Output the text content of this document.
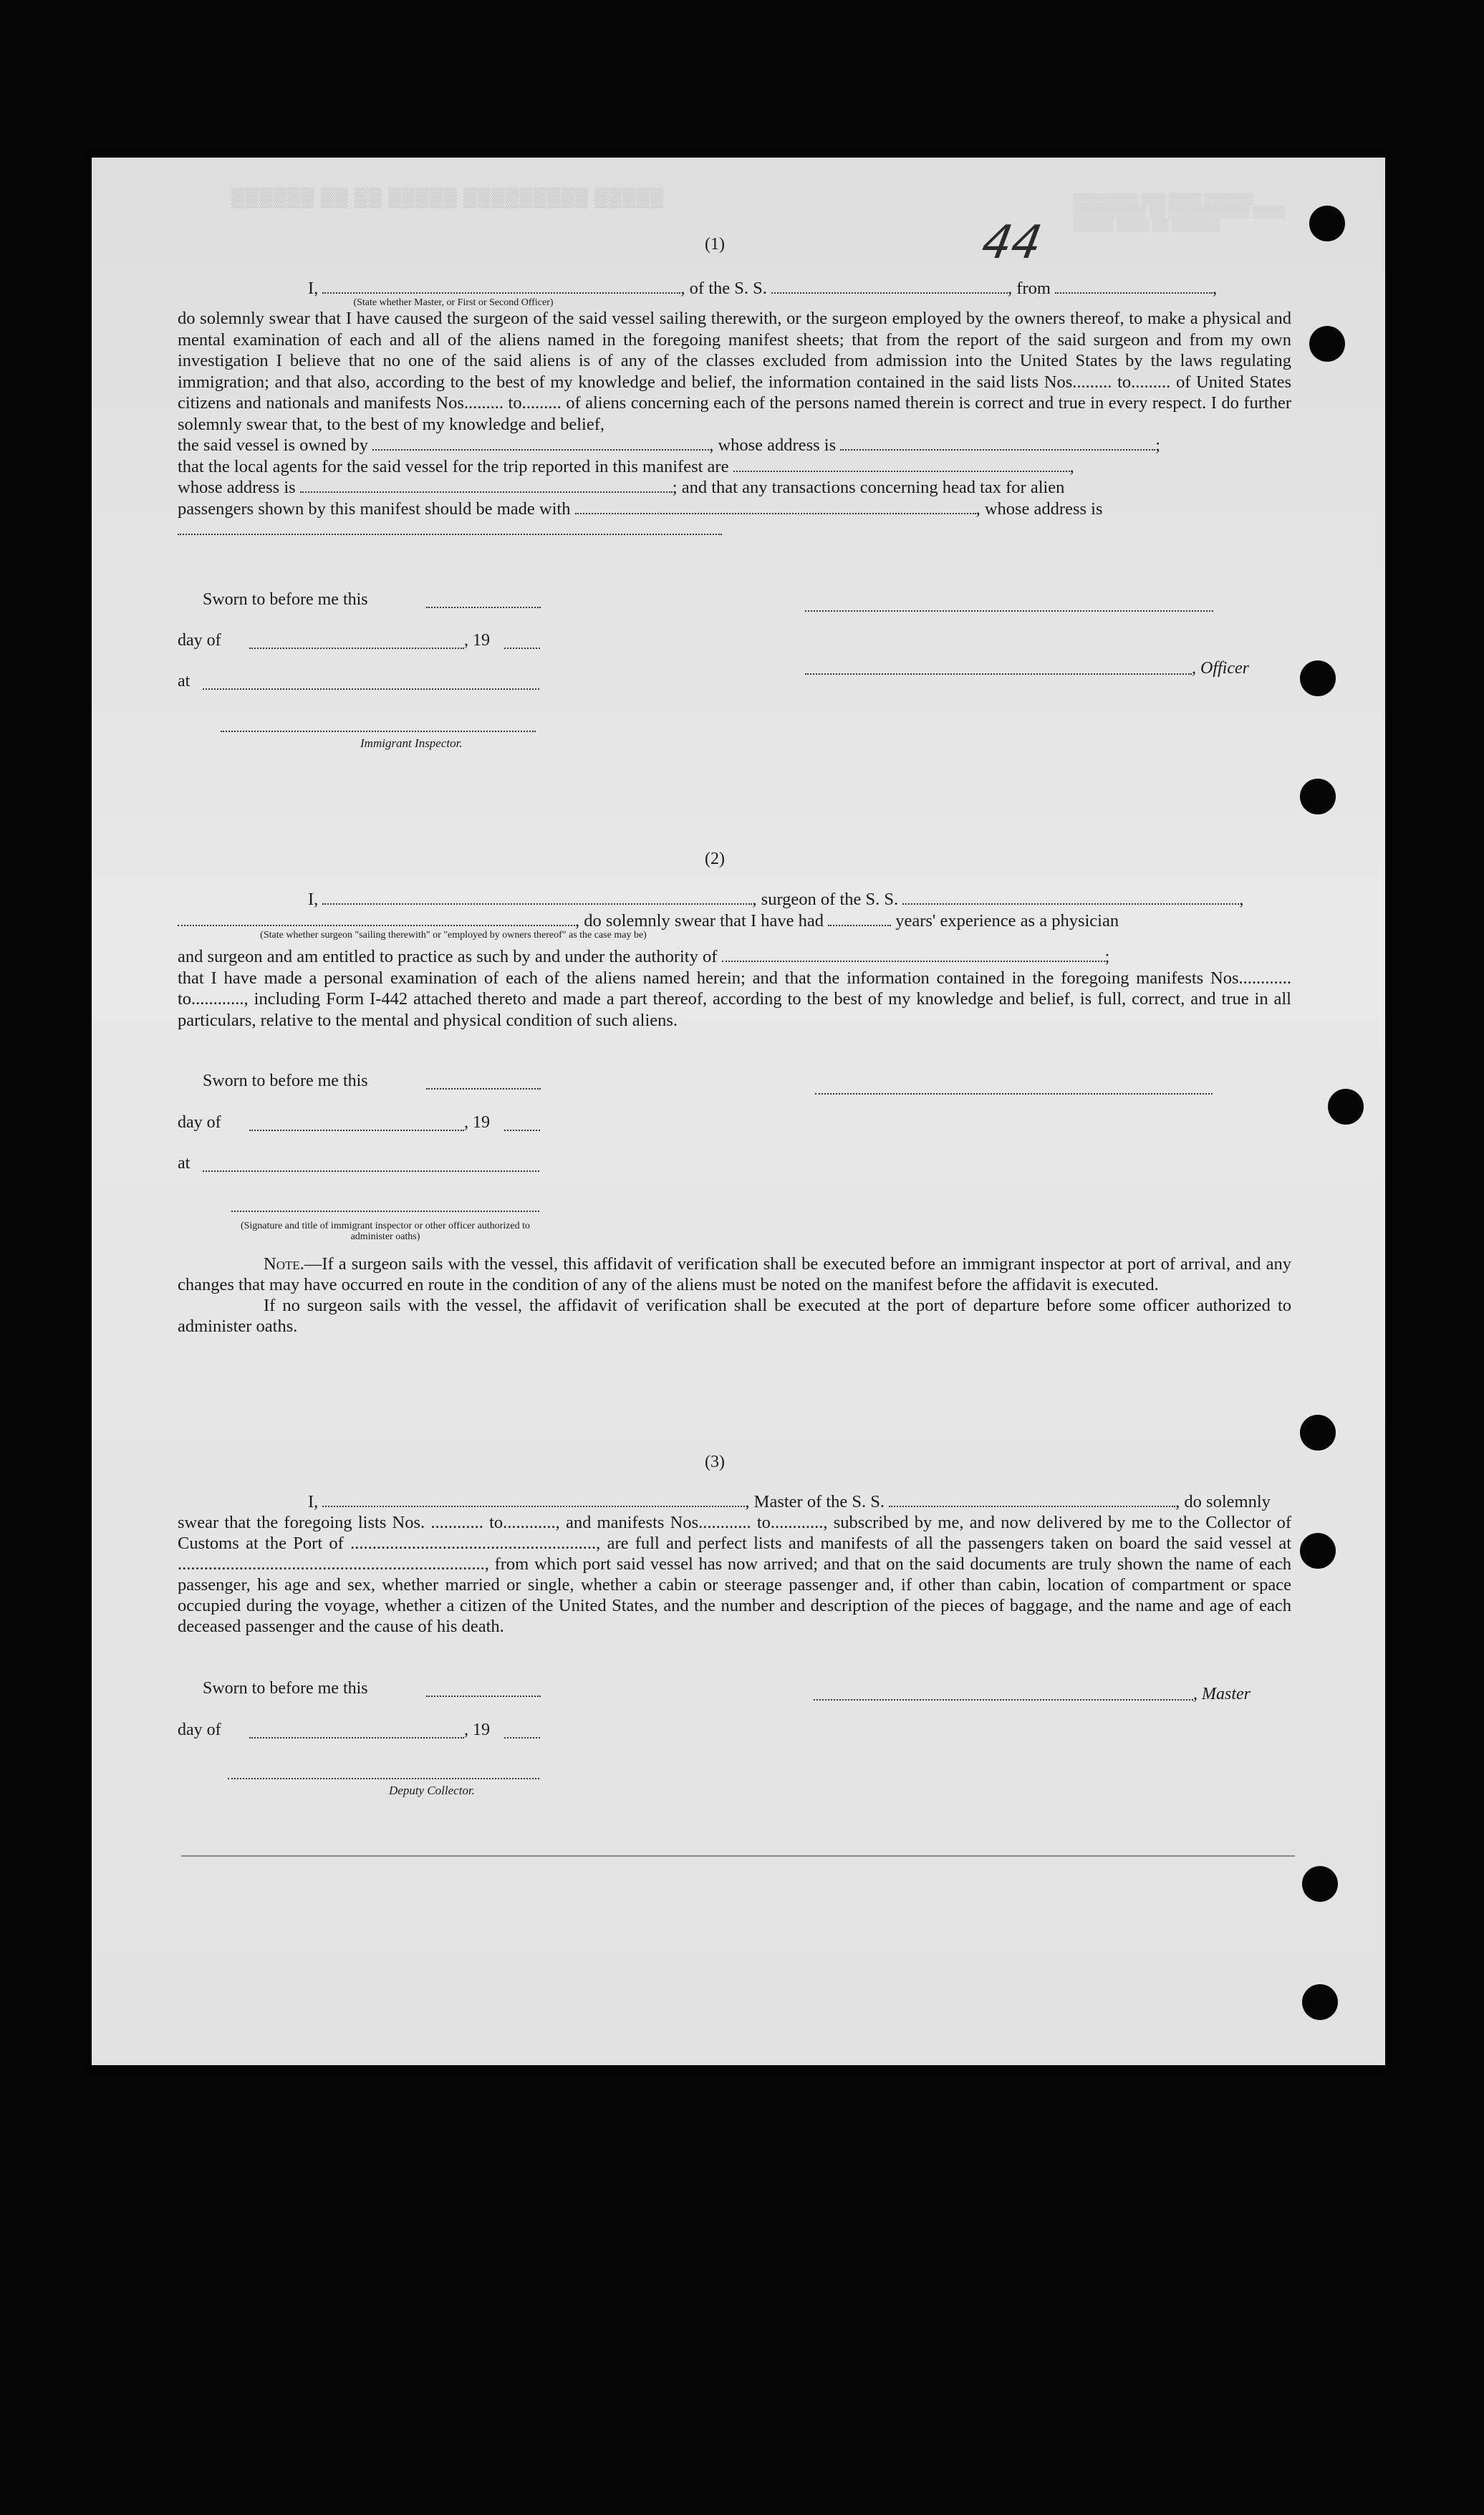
▒▒▒▒▒▒ ▒▒ ▒▒ ▒▒▒▒▒ ▒▒▒▒▒▒▒▒▒ ▒▒▒▒▒	▒▒▒▒▒▒▒▒ ▒▒▒ ▒▒▒▒ ▒▒▒▒▒▒
▒▒▒▒▒▒▒▒▒ ▒▒ ▒▒▒▒▒▒▒▒▒▒ ▒▒▒▒
▒▒▒▒▒ ▒▒▒▒ ▒▒ ▒▒▒▒▒▒
44
(1)
I,	, of the S. S.	, from	,
(State whether Master, or First or Second Officer)
do solemnly swear that I have caused the surgeon of the said vessel sailing therewith, or the surgeon employed by the owners thereof, to make a physical and mental examination of each and all of the aliens named in the foregoing manifest sheets; that from the report of the said surgeon and from my own investigation I believe that no one of the said aliens is of any of the classes excluded from admission into the United States by the laws regulating immigration; and that also, according to the best of my knowledge and belief, the information contained in the said lists Nos......... to......... of United States citizens and nationals and manifests Nos......... to......... of aliens concerning each of the persons named therein is correct and true in every respect. I do further solemnly swear that, to the best of my knowledge and belief,
the said vessel is owned by	, whose address is	;
that the local agents for the said vessel for the trip reported in this manifest are	,
whose address is	; and that any transactions concerning head tax for alien
passengers shown by this manifest should be made with	, whose address is
Sworn to before me this
day of	, 19
at
Immigrant Inspector.
, Officer
(2)
I,	, surgeon of the S. S.	,
, do solemnly swear that I have had	years' experience as a physician
(State whether surgeon "sailing therewith" or "employed by owners thereof" as the case may be)
and surgeon and am entitled to practice as such by and under the authority of	;
that I have made a personal examination of each of the aliens named herein; and that the information contained in the foregoing manifests Nos............ to............, including Form I-442 attached thereto and made a part thereof, according to the best of my knowledge and belief, is full, correct, and true in all particulars, relative to the mental and physical condition of such aliens.
Sworn to before me this
day of	, 19
at
(Signature and title of immigrant inspector or other officer authorized to administer oaths)
Note.—If a surgeon sails with the vessel, this affidavit of verification shall be executed before an immigrant inspector at port of arrival, and any changes that may have occurred en route in the condition of any of the aliens must be noted on the manifest before the affidavit is executed.
If no surgeon sails with the vessel, the affidavit of verification shall be executed at the port of departure before some officer authorized to administer oaths.
(3)
I,	, Master of the S. S.	, do solemnly
swear that the foregoing lists Nos. ............ to............, and manifests Nos............ to............, subscribed by me, and now delivered by me to the Collector of Customs at the Port of ........................................................, are full and perfect lists and manifests of all the passengers taken on board the said vessel at ......................................................................, from which port said vessel has now arrived; and that on the said documents are truly shown the name of each passenger, his age and sex, whether married or single, whether a cabin or steerage passenger and, if other than cabin, location of compartment or space occupied during the voyage, whether a citizen of the United States, and the number and description of the pieces of baggage, and the name and age of each deceased passenger and the cause of his death.
Sworn to before me this
day of	, 19
Deputy Collector.
, Master
